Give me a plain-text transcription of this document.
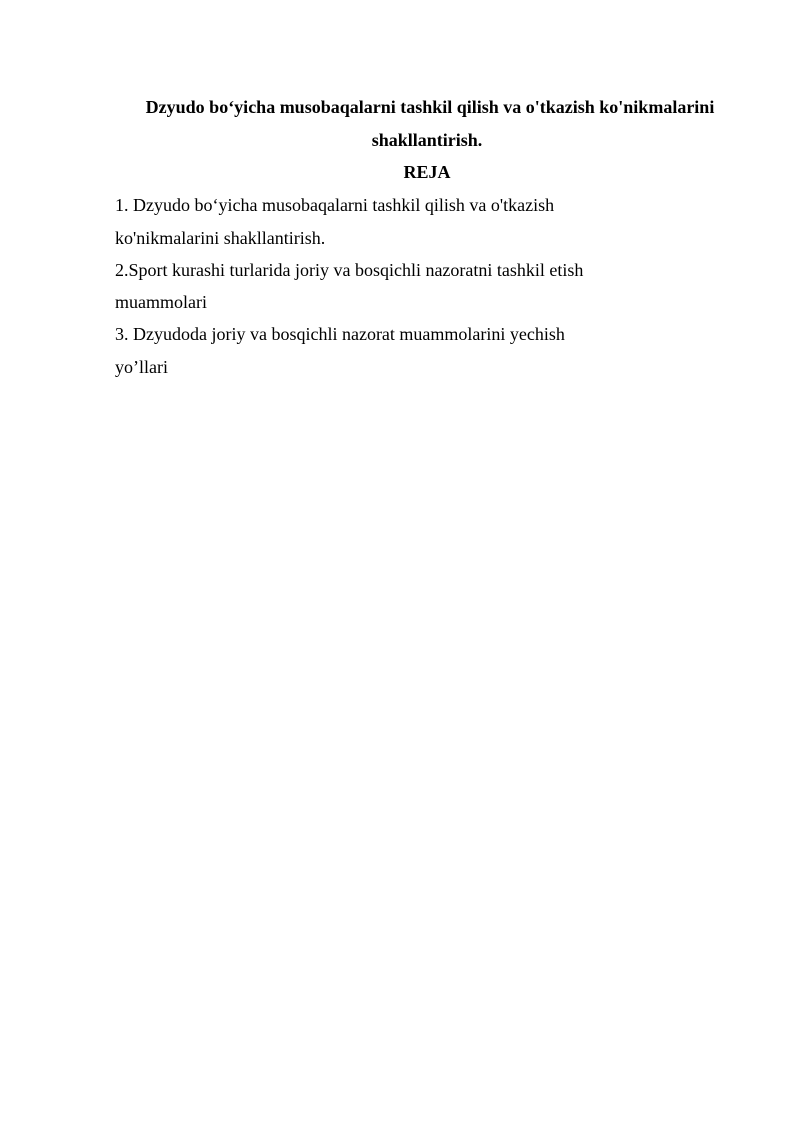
Dzyudo bo‘yicha musobaqalarni tashkil qilish va o'tkazish ko'nikmalarini
shakllantirish.
REJA
1. Dzyudo bo‘yicha musobaqalarni tashkil qilish va o'tkazish
ko'nikmalarini shakllantirish.
2.Sport kurashi turlarida joriy va bosqichli nazoratni tashkil etish
muammolari
3. Dzyudoda joriy va bosqichli nazorat muammolarini yechish
yo’llari
